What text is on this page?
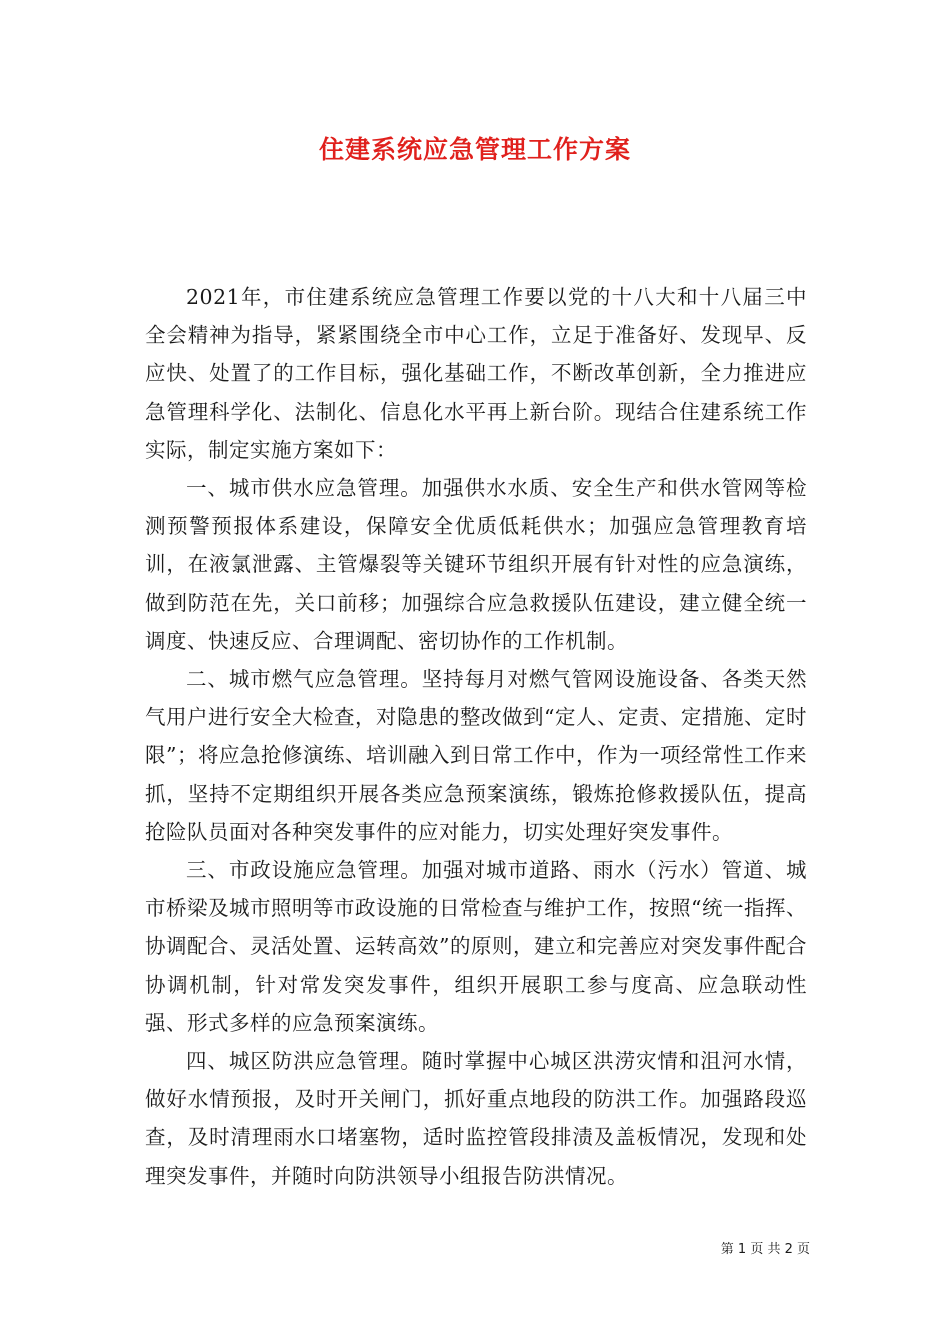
住建系统应急管理工作方案

2021年，市住建系统应急管理工作要以党的十八大和十八届三中全会精神为指导，紧紧围绕全市中心工作，立足于准备好、发现早、反应快、处置了的工作目标，强化基础工作，不断改革创新，全力推进应急管理科学化、法制化、信息化水平再上新台阶。现结合住建系统工作实际，制定实施方案如下：

一、城市供水应急管理。加强供水水质、安全生产和供水管网等检测预警预报体系建设，保障安全优质低耗供水；加强应急管理教育培训，在液氯泄露、主管爆裂等关键环节组织开展有针对性的应急演练，做到防范在先，关口前移；加强综合应急救援队伍建设，建立健全统一调度、快速反应、合理调配、密切协作的工作机制。

二、城市燃气应急管理。坚持每月对燃气管网设施设备、各类天然气用户进行安全大检查，对隐患的整改做到“定人、定责、定措施、定时限”；将应急抢修演练、培训融入到日常工作中，作为一项经常性工作来抓，坚持不定期组织开展各类应急预案演练，锻炼抢修救援队伍，提高抢险队员面对各种突发事件的应对能力，切实处理好突发事件。

三、市政设施应急管理。加强对城市道路、雨水（污水）管道、城市桥梁及城市照明等市政设施的日常检查与维护工作，按照“统一指挥、协调配合、灵活处置、运转高效”的原则，建立和完善应对突发事件配合协调机制，针对常发突发事件，组织开展职工参与度高、应急联动性强、形式多样的应急预案演练。

四、城区防洪应急管理。随时掌握中心城区洪涝灾情和沮河水情，做好水情预报，及时开关闸门，抓好重点地段的防洪工作。加强路段巡查，及时清理雨水口堵塞物，适时监控管段排渍及盖板情况，发现和处理突发事件，并随时向防洪领导小组报告防洪情况。

第 1 页 共 2 页
